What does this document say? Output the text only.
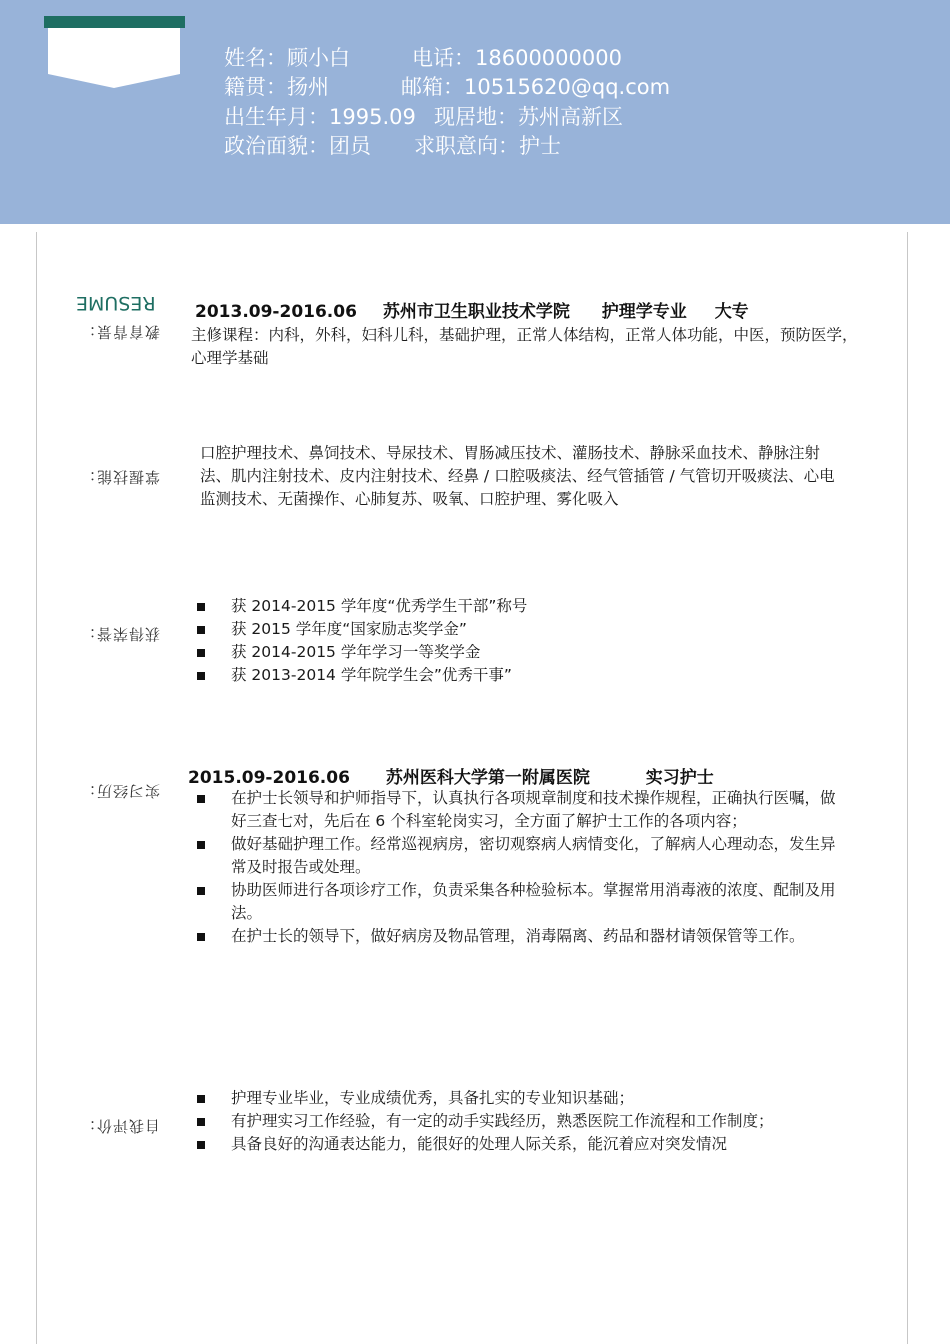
姓名：顾小白	电话：18600000000
籍贯：扬州	邮箱：10515620@qq.com
出生年月：1995.09 现居地：苏州高新区
政治面貌：团员 求职意向：护士
RESUME
教育背景：
2013.09-2016.06 苏州市卫生职业技术学院 护理学专业 大专
主修课程：内科，外科，妇科儿科，基础护理，正常人体结构，正常人体功能，中医，预防医学，心理学基础
掌握技能：
口腔护理技术、鼻饲技术、导尿技术、胃肠减压技术、灌肠技术、静脉采血技术、静脉注射法、肌内注射技术、皮内注射技术、经鼻 / 口腔吸痰法、经气管插管 / 气管切开吸痰法、心电监测技术、无菌操作、心肺复苏、吸氧、口腔护理、雾化吸入
获得荣誉：
获 2014-2015 学年度“优秀学生干部”称号
获 2015 学年度“国家励志奖学金”
获 2014-2015 学年学习一等奖学金
获 2013-2014 学年院学生会”优秀干事”
实习经历：
2015.09-2016.06 苏州医科大学第一附属医院	实习护士
在护士长领导和护师指导下，认真执行各项规章制度和技术操作规程，正确执行医嘱，做好三查七对，先后在 6 个科室轮岗实习，全方面了解护士工作的各项内容；
做好基础护理工作。经常巡视病房，密切观察病人病情变化，了解病人心理动态，发生异常及时报告或处理。
协助医师进行各项诊疗工作，负责采集各种检验标本。掌握常用消毒液的浓度、配制及用法。
在护士长的领导下，做好病房及物品管理，消毒隔离、药品和器材请领保管等工作。
自我评价：
护理专业毕业，专业成绩优秀，具备扎实的专业知识基础；
有护理实习工作经验，有一定的动手实践经历，熟悉医院工作流程和工作制度；
具备良好的沟通表达能力，能很好的处理人际关系，能沉着应对突发情况
